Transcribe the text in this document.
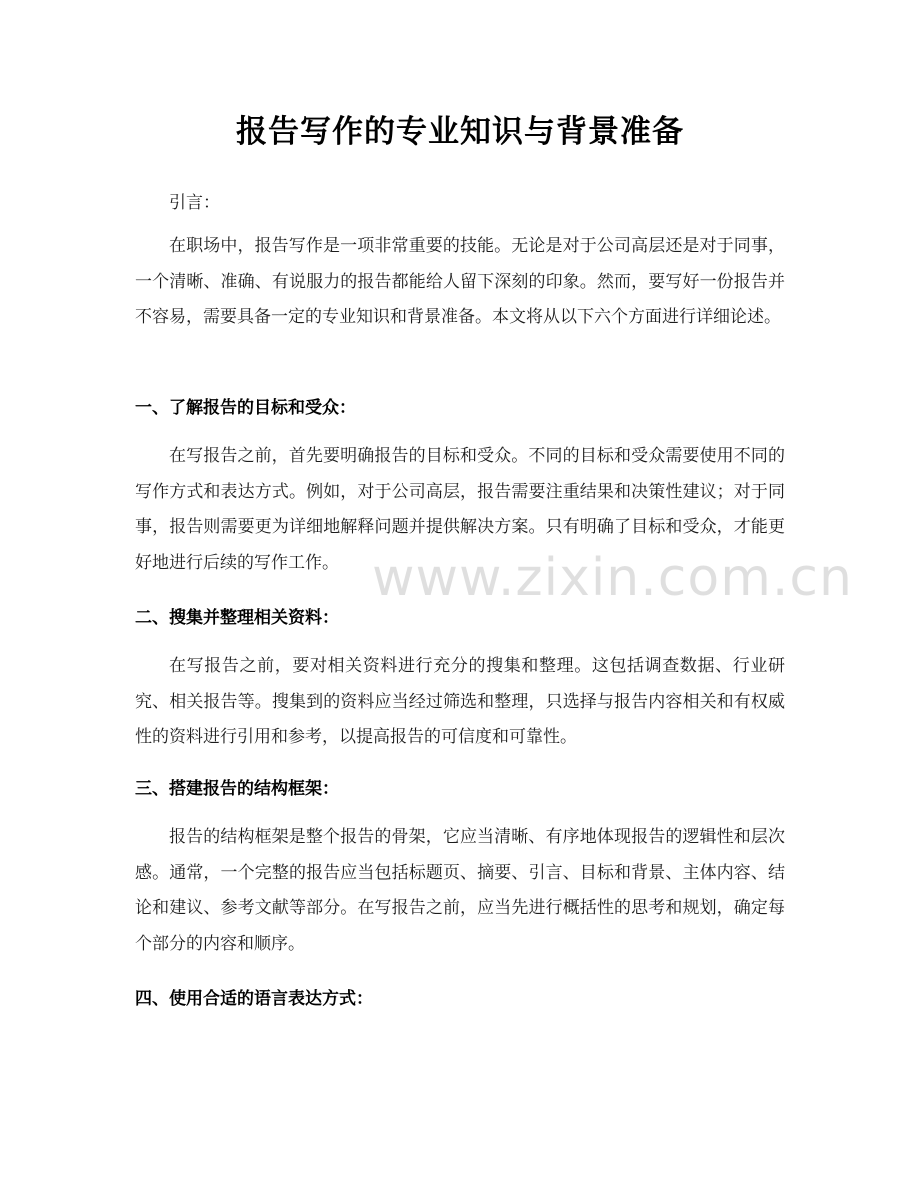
报告写作的专业知识与背景准备

引言：

在职场中，报告写作是一项非常重要的技能。无论是对于公司高层还是对于同事，一个清晰、准确、有说服力的报告都能给人留下深刻的印象。然而，要写好一份报告并不容易，需要具备一定的专业知识和背景准备。本文将从以下六个方面进行详细论述。

一、了解报告的目标和受众：

在写报告之前，首先要明确报告的目标和受众。不同的目标和受众需要使用不同的写作方式和表达方式。例如，对于公司高层，报告需要注重结果和决策性建议；对于同事，报告则需要更为详细地解释问题并提供解决方案。只有明确了目标和受众，才能更好地进行后续的写作工作。

二、搜集并整理相关资料：

在写报告之前，要对相关资料进行充分的搜集和整理。这包括调查数据、行业研究、相关报告等。搜集到的资料应当经过筛选和整理，只选择与报告内容相关和有权威性的资料进行引用和参考，以提高报告的可信度和可靠性。

三、搭建报告的结构框架：

报告的结构框架是整个报告的骨架，它应当清晰、有序地体现报告的逻辑性和层次感。通常，一个完整的报告应当包括标题页、摘要、引言、目标和背景、主体内容、结论和建议、参考文献等部分。在写报告之前，应当先进行概括性的思考和规划，确定每个部分的内容和顺序。

四、使用合适的语言表达方式：
www.zixin.com.cn
